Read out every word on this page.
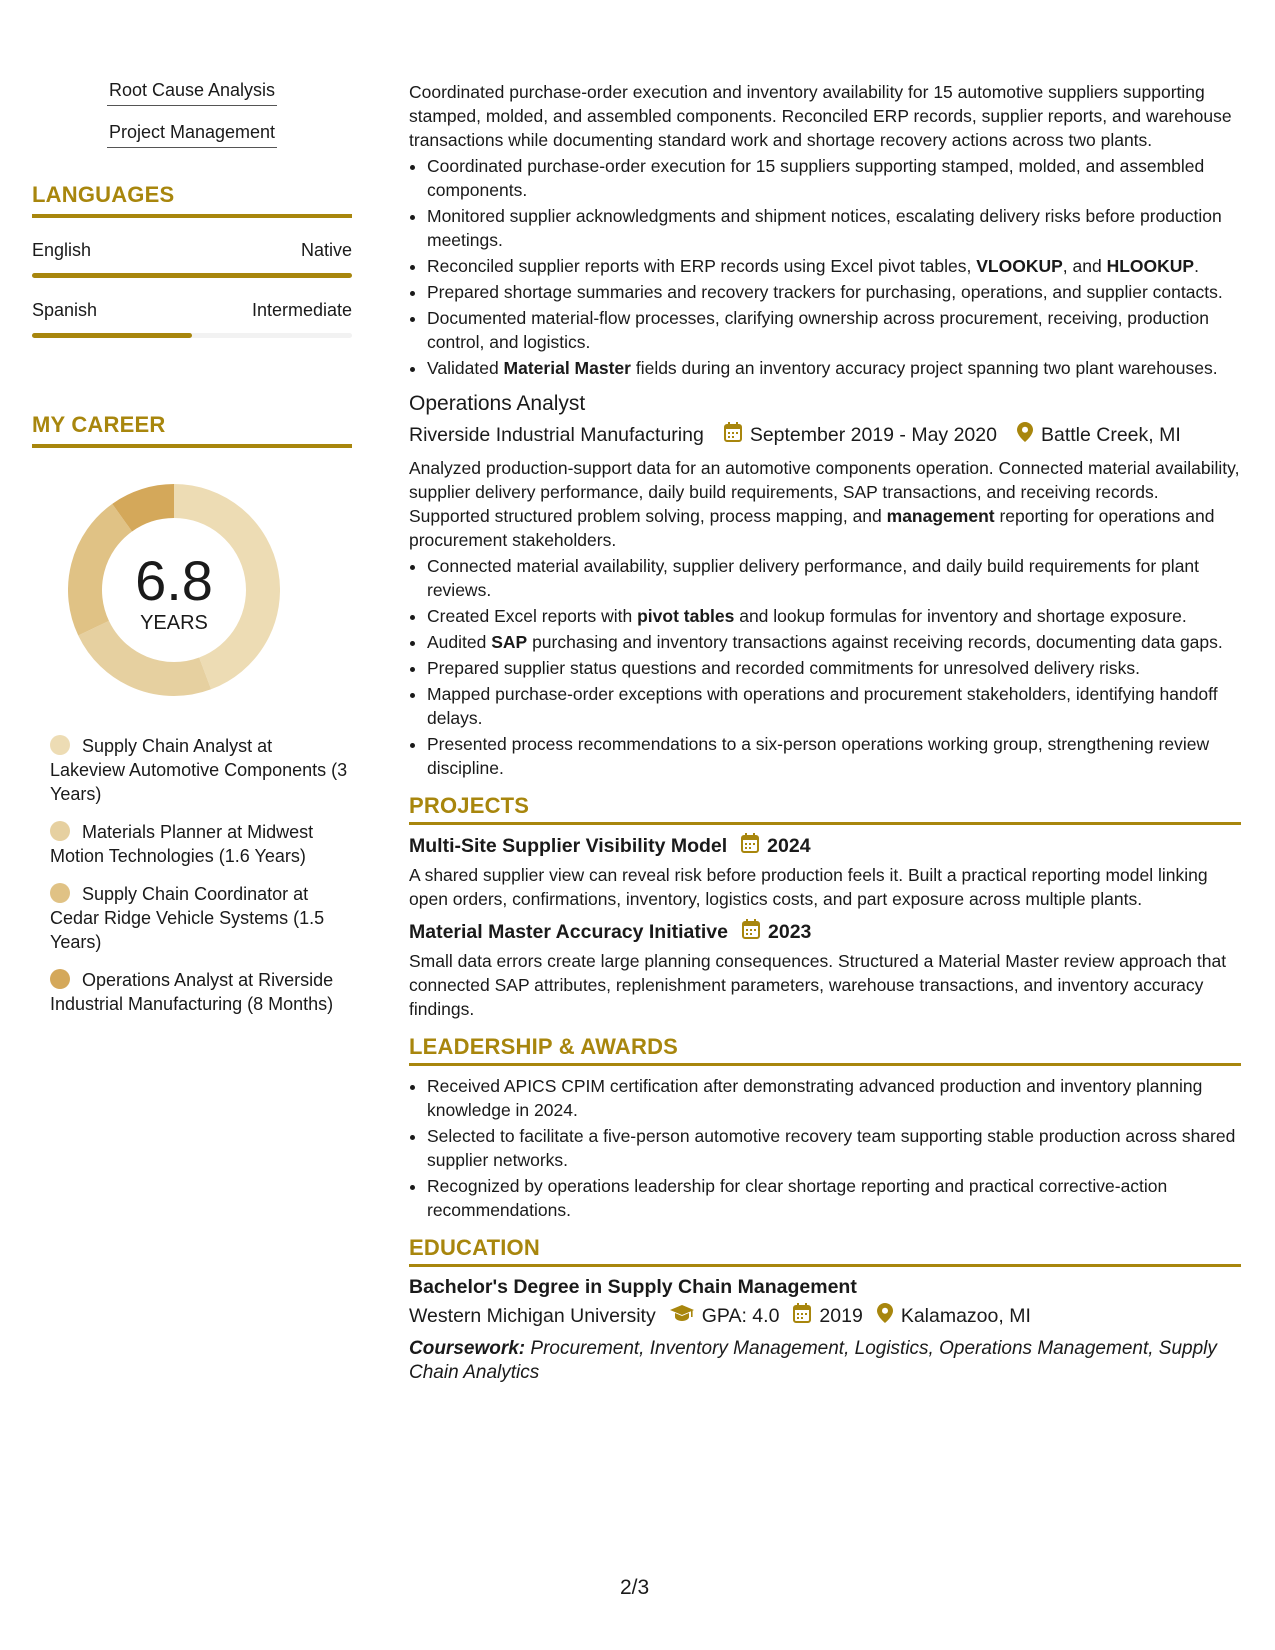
Root Cause Analysis
Project Management
LANGUAGES
English	Native
Spanish	Intermediate
MY CAREER
6.8
YEARS
Supply Chain Analyst at Lakeview Automotive Components (3 Years)
Materials Planner at Midwest Motion Technologies (1.6 Years)
Supply Chain Coordinator at Cedar Ridge Vehicle Systems (1.5 Years)
Operations Analyst at Riverside Industrial Manufacturing (8 Months)

Coordinated purchase-order execution and inventory availability for 15 automotive suppliers supporting stamped, molded, and assembled components. Reconciled ERP records, supplier reports, and warehouse transactions while documenting standard work and shortage recovery actions across two plants.

• Coordinated purchase-order execution for 15 suppliers supporting stamped, molded, and assembled components.
• Monitored supplier acknowledgments and shipment notices, escalating delivery risks before production meetings.
• Reconciled supplier reports with ERP records using Excel pivot tables, VLOOKUP, and HLOOKUP.
• Prepared shortage summaries and recovery trackers for purchasing, operations, and supplier contacts.
• Documented material-flow processes, clarifying ownership across procurement, receiving, production control, and logistics.
• Validated Material Master fields during an inventory accuracy project spanning two plant warehouses.
Operations Analyst
Riverside Industrial Manufacturing September 2019 - May 2020 Battle Creek, MI

Analyzed production-support data for an automotive components operation. Connected material availability, supplier delivery performance, daily build requirements, SAP transactions, and receiving records. Supported structured problem solving, process mapping, and management reporting for operations and procurement stakeholders.

• Connected material availability, supplier delivery performance, and daily build requirements for plant reviews.
• Created Excel reports with pivot tables and lookup formulas for inventory and shortage exposure.
• Audited SAP purchasing and inventory transactions against receiving records, documenting data gaps.
• Prepared supplier status questions and recorded commitments for unresolved delivery risks.
• Mapped purchase-order exceptions with operations and procurement stakeholders, identifying handoff delays.
• Presented process recommendations to a six-person operations working group, strengthening review discipline.
PROJECTS
Multi-Site Supplier Visibility Model 2024

A shared supplier view can reveal risk before production feels it. Built a practical reporting model linking open orders, confirmations, inventory, logistics costs, and part exposure across multiple plants.

Material Master Accuracy Initiative 2023

Small data errors create large planning consequences. Structured a Material Master review approach that connected SAP attributes, replenishment parameters, warehouse transactions, and inventory accuracy findings.

LEADERSHIP & AWARDS
• Received APICS CPIM certification after demonstrating advanced production and inventory planning knowledge in 2024.
• Selected to facilitate a five-person automotive recovery team supporting stable production across shared supplier networks.
• Recognized by operations leadership for clear shortage reporting and practical corrective-action recommendations.
EDUCATION
Bachelor's Degree in Supply Chain Management
Western Michigan University GPA: 4.0 2019 Kalamazoo, MI
Coursework: Procurement, Inventory Management, Logistics, Operations Management, Supply Chain Analytics
2/3
